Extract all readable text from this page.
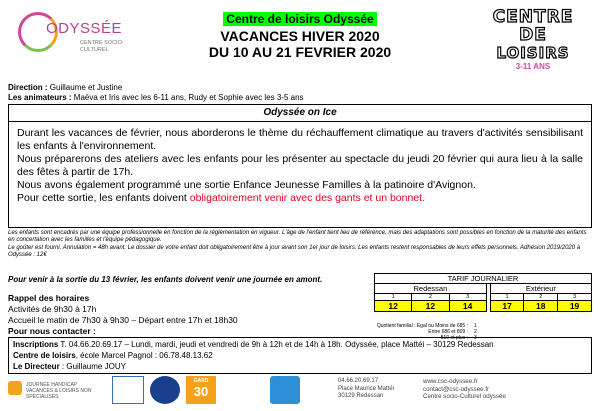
ODYSSÉE
CENTRE SOCIO-CULTUREL
Centre de loisirs Odyssée
VACANCES HIVER 2020
DU 10 AU 21 FEVRIER 2020
CENTRE DE
LOISIRS
3-11 ANS
Direction : Guillaume et Justine
Les animateurs : Maëva et Iris avec les 6-11 ans, Rudy et Sophie avec les 3-5 ans
Odyssée on Ice

Durant les vacances de février, nous aborderons le thème du réchauffement climatique au travers d'activités sensibilisant les enfants à l'environnement.

Nous préparerons des ateliers avec les enfants pour les présenter au spectacle du jeudi 20 février qui aura lieu à la salle des fêtes à partir de 17h.

Nous avons également programmé une sortie Enfance Jeunesse Familles à la patinoire d'Avignon.

Pour cette sortie, les enfants doivent obligatoirement venir avec des gants et un bonnet.

Les enfants sont encadrés par une équipe professionnelle en fonction de la réglementation en vigueur. L'âge de l'enfant tient lieu de référence, mais des adaptations sont possibles en fonction de la maturité des enfants en concertation avec les familles et l'équipe pédagogique.

Le goûter est fourni. Annulation = 48h avant. Le dossier de votre enfant doit obligatoirement être à jour avant son 1er jour de loisirs. Les enfants restent responsables de leurs effets personnels. Adhésion 2019/2020 à Odyssée : 12€

Pour venir à la sortie du 13 février, les enfants doivent venir une journée en amont.
Rappel des horaires
Activités de 9h30 à 17h
Accueil le matin de 7h30 à 9h30 – Départ entre 17h et 18h30
Pour nous contacter :
TARIF JOURNALIER						
Redessan				Extérieur		
1	2	3		1	2	3
12	12	14		17	18	19
Quotient familial : Egal ou Moins de 685 : 1
Entre 686 et 809 : 2
810 et plus : 3
Inscriptions T. 04.66.20.69.17 – Lundi, mardi, jeudi et vendredi de 9h à 12h et de 14h à 18h. Odyssée, place Mattéi – 30129 Redessan
Centre de loisirs, école Marcel Pagnol : 06.78.48.13.62
Le Directeur : Guillaume JOUY
JOURNÉE HANDICAP VACANCES & LOISIRS NON SPÉCIALISÉS
GARD
30
04.66.20.69.17
Place Maurice Mattéi
30129 Redessan
www.csc-odyssee.fr
contact@csc-odyssee.fr
Centre socio-Culturel odyssée
